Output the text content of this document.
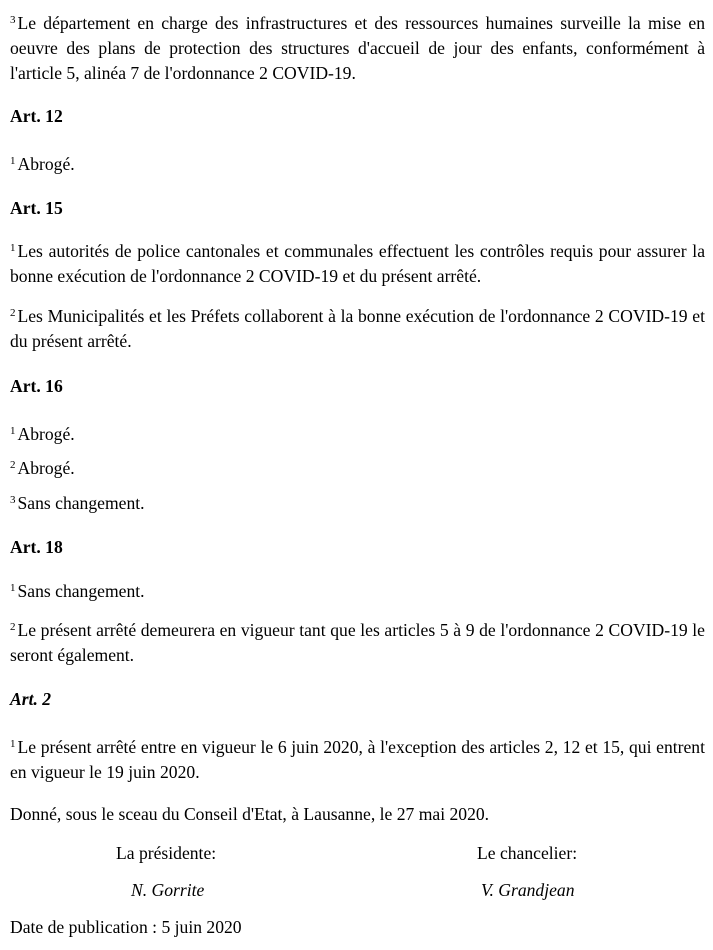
$^3$ Le département en charge des infrastructures et des ressources humaines surveille la mise en oeuvre des plans de protection des structures d'accueil de jour des enfants, conformément à l'article 5, alinéa 7 de l'ordonnance 2 COVID-19.

Art. 12

$^1$ Abrogé.

Art. 15

$^1$ Les autorités de police cantonales et communales effectuent les contrôles requis pour assurer la bonne exécution de l'ordonnance 2 COVID-19 et du présent arrêté.

$^2$ Les Municipalités et les Préfets collaborent à la bonne exécution de l'ordonnance 2 COVID-19 et du présent arrêté.

Art. 16

$^1$ Abrogé.

$^2$ Abrogé.

$^3$ Sans changement.

Art. 18

$^1$ Sans changement.

$^2$ Le présent arrêté demeurera en vigueur tant que les articles 5 à 9 de l'ordonnance 2 COVID-19 le seront également.

Art. 2

$^1$ Le présent arrêté entre en vigueur le 6 juin 2020, à l'exception des articles 2, 12 et 15, qui entrent en vigueur le 19 juin 2020.

Donné, sous le sceau du Conseil d'Etat, à Lausanne, le 27 mai 2020.

La présidente:	Le chancelier:

N. Gorrite	V. Grandjean

Date de publication : 5 juin 2020
